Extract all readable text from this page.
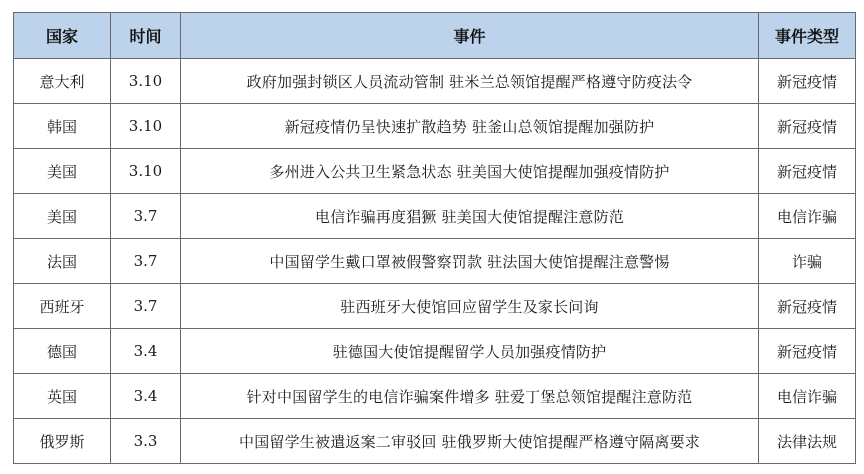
国家	时间	事件	事件类型
意大利	3.10	政府加强封锁区人员流动管制 驻米兰总领馆提醒严格遵守防疫法令	新冠疫情
韩国	3.10	新冠疫情仍呈快速扩散趋势 驻釜山总领馆提醒加强防护	新冠疫情
美国	3.10	多州进入公共卫生紧急状态 驻美国大使馆提醒加强疫情防护	新冠疫情
美国	3.7	电信诈骗再度猖獗 驻美国大使馆提醒注意防范	电信诈骗
法国	3.7	中国留学生戴口罩被假警察罚款 驻法国大使馆提醒注意警惕	诈骗
西班牙	3.7	驻西班牙大使馆回应留学生及家长问询	新冠疫情
德国	3.4	驻德国大使馆提醒留学人员加强疫情防护	新冠疫情
英国	3.4	针对中国留学生的电信诈骗案件增多 驻爱丁堡总领馆提醒注意防范	电信诈骗
俄罗斯	3.3	中国留学生被遣返案二审驳回 驻俄罗斯大使馆提醒严格遵守隔离要求	法律法规
